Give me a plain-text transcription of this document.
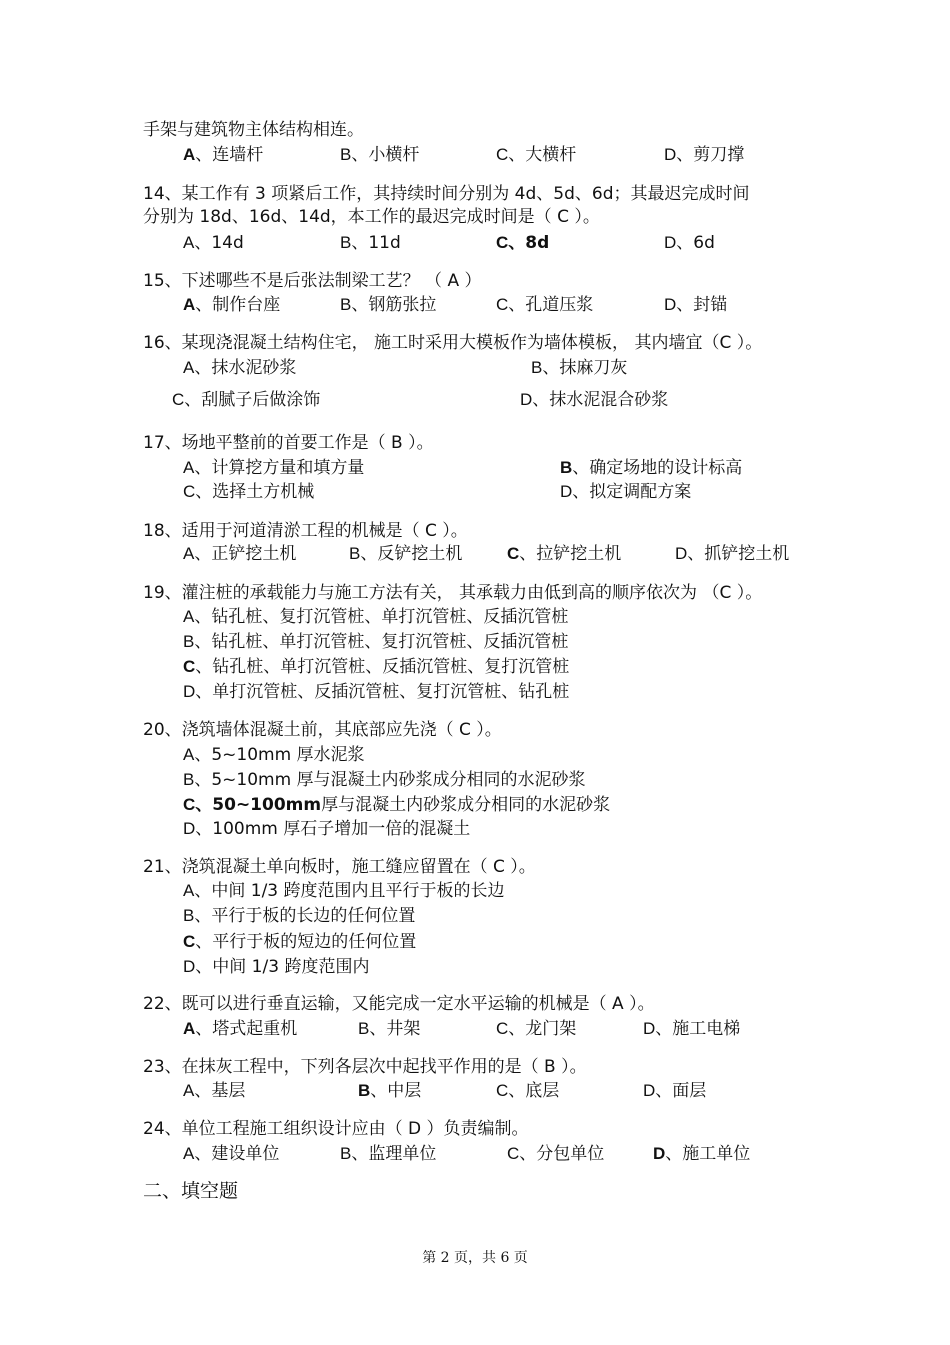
手架与建筑物主体结构相连。
A、连墙杆	B、小横杆	C、大横杆	D、剪刀撑
14、某工作有 3 项紧后工作，其持续时间分别为 4d、5d、6d；其最迟完成时间
分别为 18d、16d、14d，本工作的最迟完成时间是（ C ）。
A、14d	B、11d	C、8d	D、6d
15、下述哪些不是后张法制梁工艺？ （ A ）
A、制作台座	B、钢筋张拉	C、孔道压浆	D、封锚
16、某现浇混凝土结构住宅， 施工时采用大模板作为墙体模板， 其内墙宜（C ）。
A、抹水泥砂浆	B、抹麻刀灰
C、刮腻子后做涂饰	D、抹水泥混合砂浆
17、场地平整前的首要工作是（ B ）。
A、计算挖方量和填方量	B、确定场地的设计标高
C、选择土方机械	D、拟定调配方案
18、适用于河道清淤工程的机械是（ C ）。
A、正铲挖土机	B、反铲挖土机	C、拉铲挖土机	D、抓铲挖土机
19、灌注桩的承载能力与施工方法有关， 其承载力由低到高的顺序依次为 （C ）。
A、钻孔桩、复打沉管桩、单打沉管桩、反插沉管桩
B、钻孔桩、单打沉管桩、复打沉管桩、反插沉管桩
C、钻孔桩、单打沉管桩、反插沉管桩、复打沉管桩
D、单打沉管桩、反插沉管桩、复打沉管桩、钻孔桩
20、浇筑墙体混凝土前，其底部应先浇（ C ）。
A、5~10mm 厚水泥浆
B、5~10mm 厚与混凝土内砂浆成分相同的水泥砂浆
C、50~100mm厚与混凝土内砂浆成分相同的水泥砂浆
D、100mm 厚石子增加一倍的混凝土
21、浇筑混凝土单向板时，施工缝应留置在（ C ）。
A、中间 1/3 跨度范围内且平行于板的长边
B、平行于板的长边的任何位置
C、平行于板的短边的任何位置
D、中间 1/3 跨度范围内
22、既可以进行垂直运输，又能完成一定水平运输的机械是（ A ）。
A、塔式起重机	B、井架	C、龙门架	D、施工电梯
23、在抹灰工程中，下列各层次中起找平作用的是（ B ）。
A、基层	B、中层	C、底层	D、面层
24、单位工程施工组织设计应由（ D ）负责编制。
A、建设单位	B、监理单位	C、分包单位	D、施工单位
二、填空题
第 2 页，共 6 页
